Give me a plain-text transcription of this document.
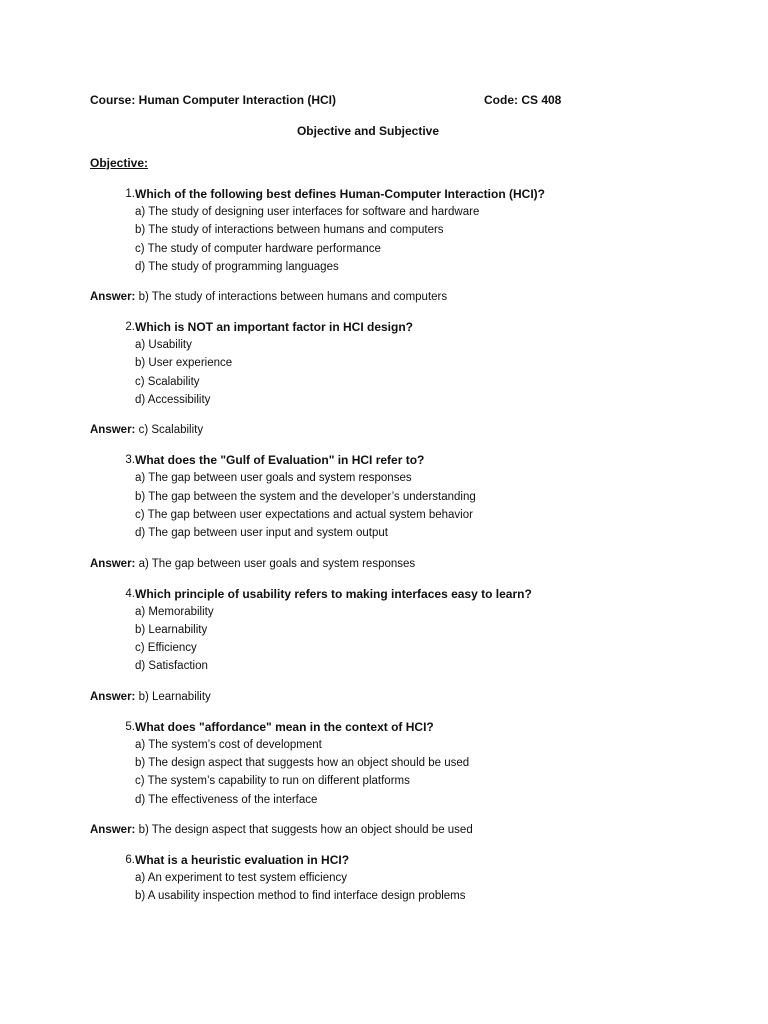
Course: Human Computer Interaction (HCI)	Code: CS 408
Objective and Subjective
Objective:
1. Which of the following best defines Human-Computer Interaction (HCI)?
a) The study of designing user interfaces for software and hardware
b) The study of interactions between humans and computers
c) The study of computer hardware performance
d) The study of programming languages
Answer: b) The study of interactions between humans and computers
2. Which is NOT an important factor in HCI design?
a) Usability
b) User experience
c) Scalability
d) Accessibility
Answer: c) Scalability
3. What does the "Gulf of Evaluation" in HCI refer to?
a) The gap between user goals and system responses
b) The gap between the system and the developer’s understanding
c) The gap between user expectations and actual system behavior
d) The gap between user input and system output
Answer: a) The gap between user goals and system responses
4. Which principle of usability refers to making interfaces easy to learn?
a) Memorability
b) Learnability
c) Efficiency
d) Satisfaction
Answer: b) Learnability
5. What does "affordance" mean in the context of HCI?
a) The system’s cost of development
b) The design aspect that suggests how an object should be used
c) The system’s capability to run on different platforms
d) The effectiveness of the interface
Answer: b) The design aspect that suggests how an object should be used
6. What is a heuristic evaluation in HCI?
a) An experiment to test system efficiency
b) A usability inspection method to find interface design problems
